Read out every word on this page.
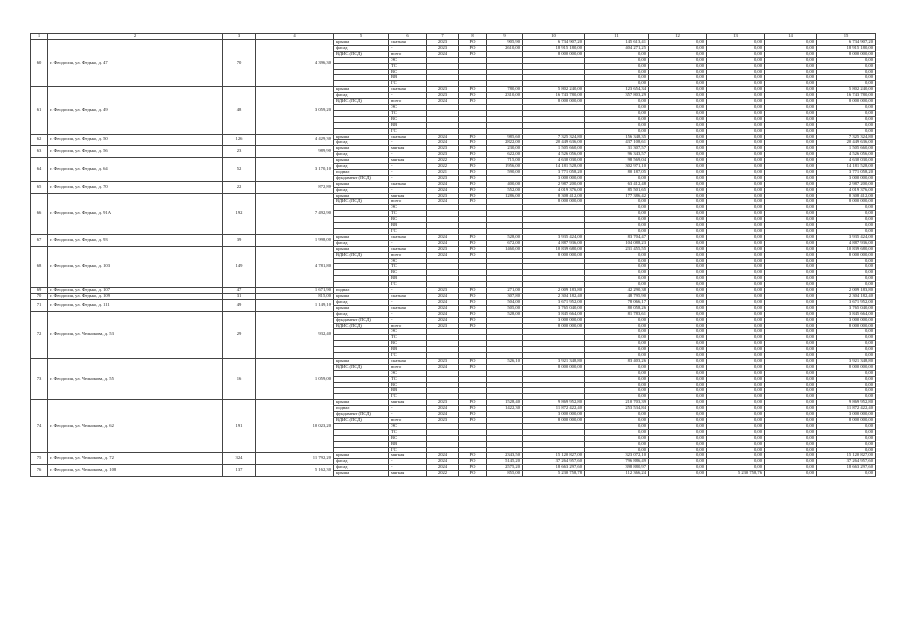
1	2	3	4	5	6	7	8	9	10	11	12	13	14	15
60	г. Феодосия, ул. Федько, д. 47	70	4 396,30	крыша	скатная	2023	РО	905,90	6 734 907,20	145 613,41	0,00	0,00	0,00	6 734 907,20
				фасад	-	2023	РО	2610,00	18 915 180,00	404 271,25	0,00	0,00	0,00	18 915 180,00
				ВДИС (ПСД)	всего	2024	РО		8 000 000,00	0,00	0,00	0,00	0,00	8 000 000,00
					ЭС					0,00	0,00	0,00	0,00	0,00
					ТС					0,00	0,00	0,00	0,00	0,00
					ВС					0,00	0,00	0,00	0,00	0,00
					ВВ					0,00	0,00	0,00	0,00	0,00
					ГС					0,00	0,00	0,00	0,00	0,00
61	г. Феодосия, ул. Федько, д. 49	48	3 059,20	крыша	скатная	2023	РО	780,00	5 802 240,00	123 654,34	0,00	0,00	0,00	5 802 240,00
				фасад	-	2023	РО	2310,00	16 743 780,00	357 803,29	0,00	0,00	0,00	16 743 780,00
				ВДИС (ПСД)	всего	2024	РО		8 000 000,00	0,00	0,00	0,00	0,00	8 000 000,00
					ЭС					0,00	0,00	0,00	0,00	0,00
					ТС					0,00	0,00	0,00	0,00	0,00
					ВС					0,00	0,00	0,00	0,00	0,00
					ВВ					0,00	0,00	0,00	0,00	0,00
					ГС					0,00	0,00	0,00	0,00	0,00
62	г. Феодосия, ул. Федько, д. 50	126	4 429,30	крыша	скатная	2024	РО	985,60	7 325 324,80	156 348,35	0,00	0,00	0,00	7 325 324,80
				фасад	-	2024	РО	2822,00	20 449 636,00	437 108,61	0,00	0,00	0,00	20 449 636,00
63	г. Феодосия, ул. Федько, д. 56	23	989,90	крыша	мягкая	2023	РО	230,00	1 505 660,00	31 307,57	0,00	0,00	0,00	1 505 660,00
				фасад	-	2023	РО	622,00	4 526 056,00	96 343,57	0,00	0,00	0,00	4 526 056,00
64	г. Феодосия, ул. Федько, д. 64	52	3 170,10	крыша	мягкая	2022	РО	715,00	4 630 030,00	98 569,04	0,00	0,00	0,00	4 630 030,00
				фасад	-	2022	РО	1956,00	14 181 528,00	302 971,10	0,00	0,00	0,00	14 181 528,00
				подвал	-	2021	РО	590,00	3 771 058,20	80 187,05	0,00	0,00	0,00	3 771 058,20
				фундамент (ПСД)	-	2023	РО		3 000 000,00	0,00	0,00	0,00	0,00	3 000 000,00
65	г. Феодосия, ул. Федько, д. 70	22	872,80	крыша	скатная	2024	РО	400,00	2 987 200,00	63 412,48	0,00	0,00	0,00	2 987 200,00
				фасад	-	2024	РО	552,00	4 019 376,00	85 501,65	0,00	0,00	0,00	4 019 376,00
66	г. Феодосия, ул. Федько, д. 91А	192	7 492,90	крыша	мягкая	2023	РО	1286,00	8 308 412,00	177 386,42	0,00	0,00	0,00	8 308 412,00
				ВДИС (ПСД)	всего	2024	РО		8 000 000,00	0,00	0,00	0,00	0,00	8 000 000,00
					ЭС					0,00	0,00	0,00	0,00	0,00
					ТС					0,00	0,00	0,00	0,00	0,00
					ВС					0,00	0,00	0,00	0,00	0,00
					ВВ					0,00	0,00	0,00	0,00	0,00
					ГС					0,00	0,00	0,00	0,00	0,00
67	г. Феодосия, ул. Федько, д. 93	39	1 998,00	крыша	скатная	2024	РО	528,00	3 935 424,00	83 704,47	0,00	0,00	0,00	3 935 424,00
				фасад	-	2024	РО	672,00	4 887 936,00	104 088,23	0,00	0,00	0,00	4 887 936,00
68	г. Феодосия, ул. Федько, д. 103	149	4 781,80	крыша	скатная	2023	РО	1460,00	10 839 680,00	231 455,55	0,00	0,00	0,00	10 839 680,00
				ВДИС (ПСД)	всего	2024	РО		8 000 000,00	0,00	0,00	0,00	0,00	8 000 000,00
					ЭС					0,00	0,00	0,00	0,00	0,00
					ТС					0,00	0,00	0,00	0,00	0,00
					ВС					0,00	0,00	0,00	0,00	0,00
					ВВ					0,00	0,00	0,00	0,00	0,00
					ГС					0,00	0,00	0,00	0,00	0,00
69	г. Феодосия, ул. Федько, д. 107	47	1 671,90	подвал	-	2023	РО	271,00	2 009 183,80	42 290,38	0,00	0,00	0,00	2 009 183,80
70	г. Феодосия, ул. Федько, д. 109	31	815,00	крыша	скатная	2024	РО	307,80	2 304 182,40	48 795,90	0,00	0,00	0,00	2 304 182,40
71	г. Феодосия, ул. Федько, д. 111	49	1 149,10	фасад	-	2024	РО	504,00	3 671 952,00	78 066,17	0,00	0,00	0,00	3 671 952,00
				крыша	скатная	2024	РО	505,00	3 765 040,00	80 058,26	0,00	0,00	0,00	3 765 040,00
72	г. Феодосия, ул. Челнокова, д. 53	29	932,40	фасад	-	2024	РО	528,00	3 845 664,00	81 783,61	0,00	0,00	0,00	3 845 664,00
				фундамент (ПСД)	-	2024	РО		3 000 000,00	0,00	0,00	0,00	0,00	3 000 000,00
				ВДИС (ПСД)	всего	2023	РО		8 000 000,00	0,00	0,00	0,00	0,00	8 000 000,00
					ЭС					0,00	0,00	0,00	0,00	0,00
					ТС					0,00	0,00	0,00	0,00	0,00
					ВС					0,00	0,00	0,00	0,00	0,00
					ВВ					0,00	0,00	0,00	0,00	0,00
					ГС					0,00	0,00	0,00	0,00	0,00
73	г. Феодосия, ул. Челнокова, д. 55	16	1 059,00	крыша	скатная	2023	РО	526,10	3 921 348,80	83 403,26	0,00	0,00	0,00	3 921 348,80
				ВДИС (ПСД)	всего	2024	РО		8 000 000,00	0,00	0,00	0,00	0,00	8 000 000,00
					ЭС					0,00	0,00	0,00	0,00	0,00
					ТС					0,00	0,00	0,00	0,00	0,00
					ВС					0,00	0,00	0,00	0,00	0,00
					ВВ					0,00	0,00	0,00	0,00	0,00
					ГС					0,00	0,00	0,00	0,00	0,00
74	г. Феодосия, ул. Челнокова, д. 62	191	10 023,20	крыша	мягкая	2023	РО	1528,40	9 869 952,80	210 703,39	0,00	0,00	0,00	9 869 952,80
				подвал	-	2024	РО	1422,30	11 872 422,40	253 534,84	0,00	0,00	0,00	11 872 422,40
				фундамент (ПСД)	-	2024	РО		3 000 000,00	0,00	0,00	0,00	0,00	3 000 000,00
				ВДИС (ПСД)	всего	2023	РО		8 000 000,00	0,00	0,00	0,00	0,00	8 000 000,00
					ЭС					0,00	0,00	0,00	0,00	0,00
					ТС					0,00	0,00	0,00	0,00	0,00
					ВС					0,00	0,00	0,00	0,00	0,00
					ВВ					0,00	0,00	0,00	0,00	0,00
					ГС					0,00	0,00	0,00	0,00	0,00
75	г. Феодосия, ул. Челнокова, д. 72	324	11 792,20	крыша	мягкая	2024	РО	2343,50	15 120 827,00	323 072,10	0,00	0,00	0,00	15 120 827,00
				фасад	-	2024	РО	5145,20	37 264 957,60	796 886,49	0,00	0,00	0,00	37 264 957,60
76	г. Феодосия, ул. Челнокова, д. 108	137	5 162,30	фасад	-	2024	РО	2575,20	18 663 297,60	398 880,97	0,00	0,00	0,00	18 663 297,60
				крыша	мягкая	2022	РО	855,00	5 230 758,78	112 366,24	0,00	5 230 758,76	0,00	0,00
